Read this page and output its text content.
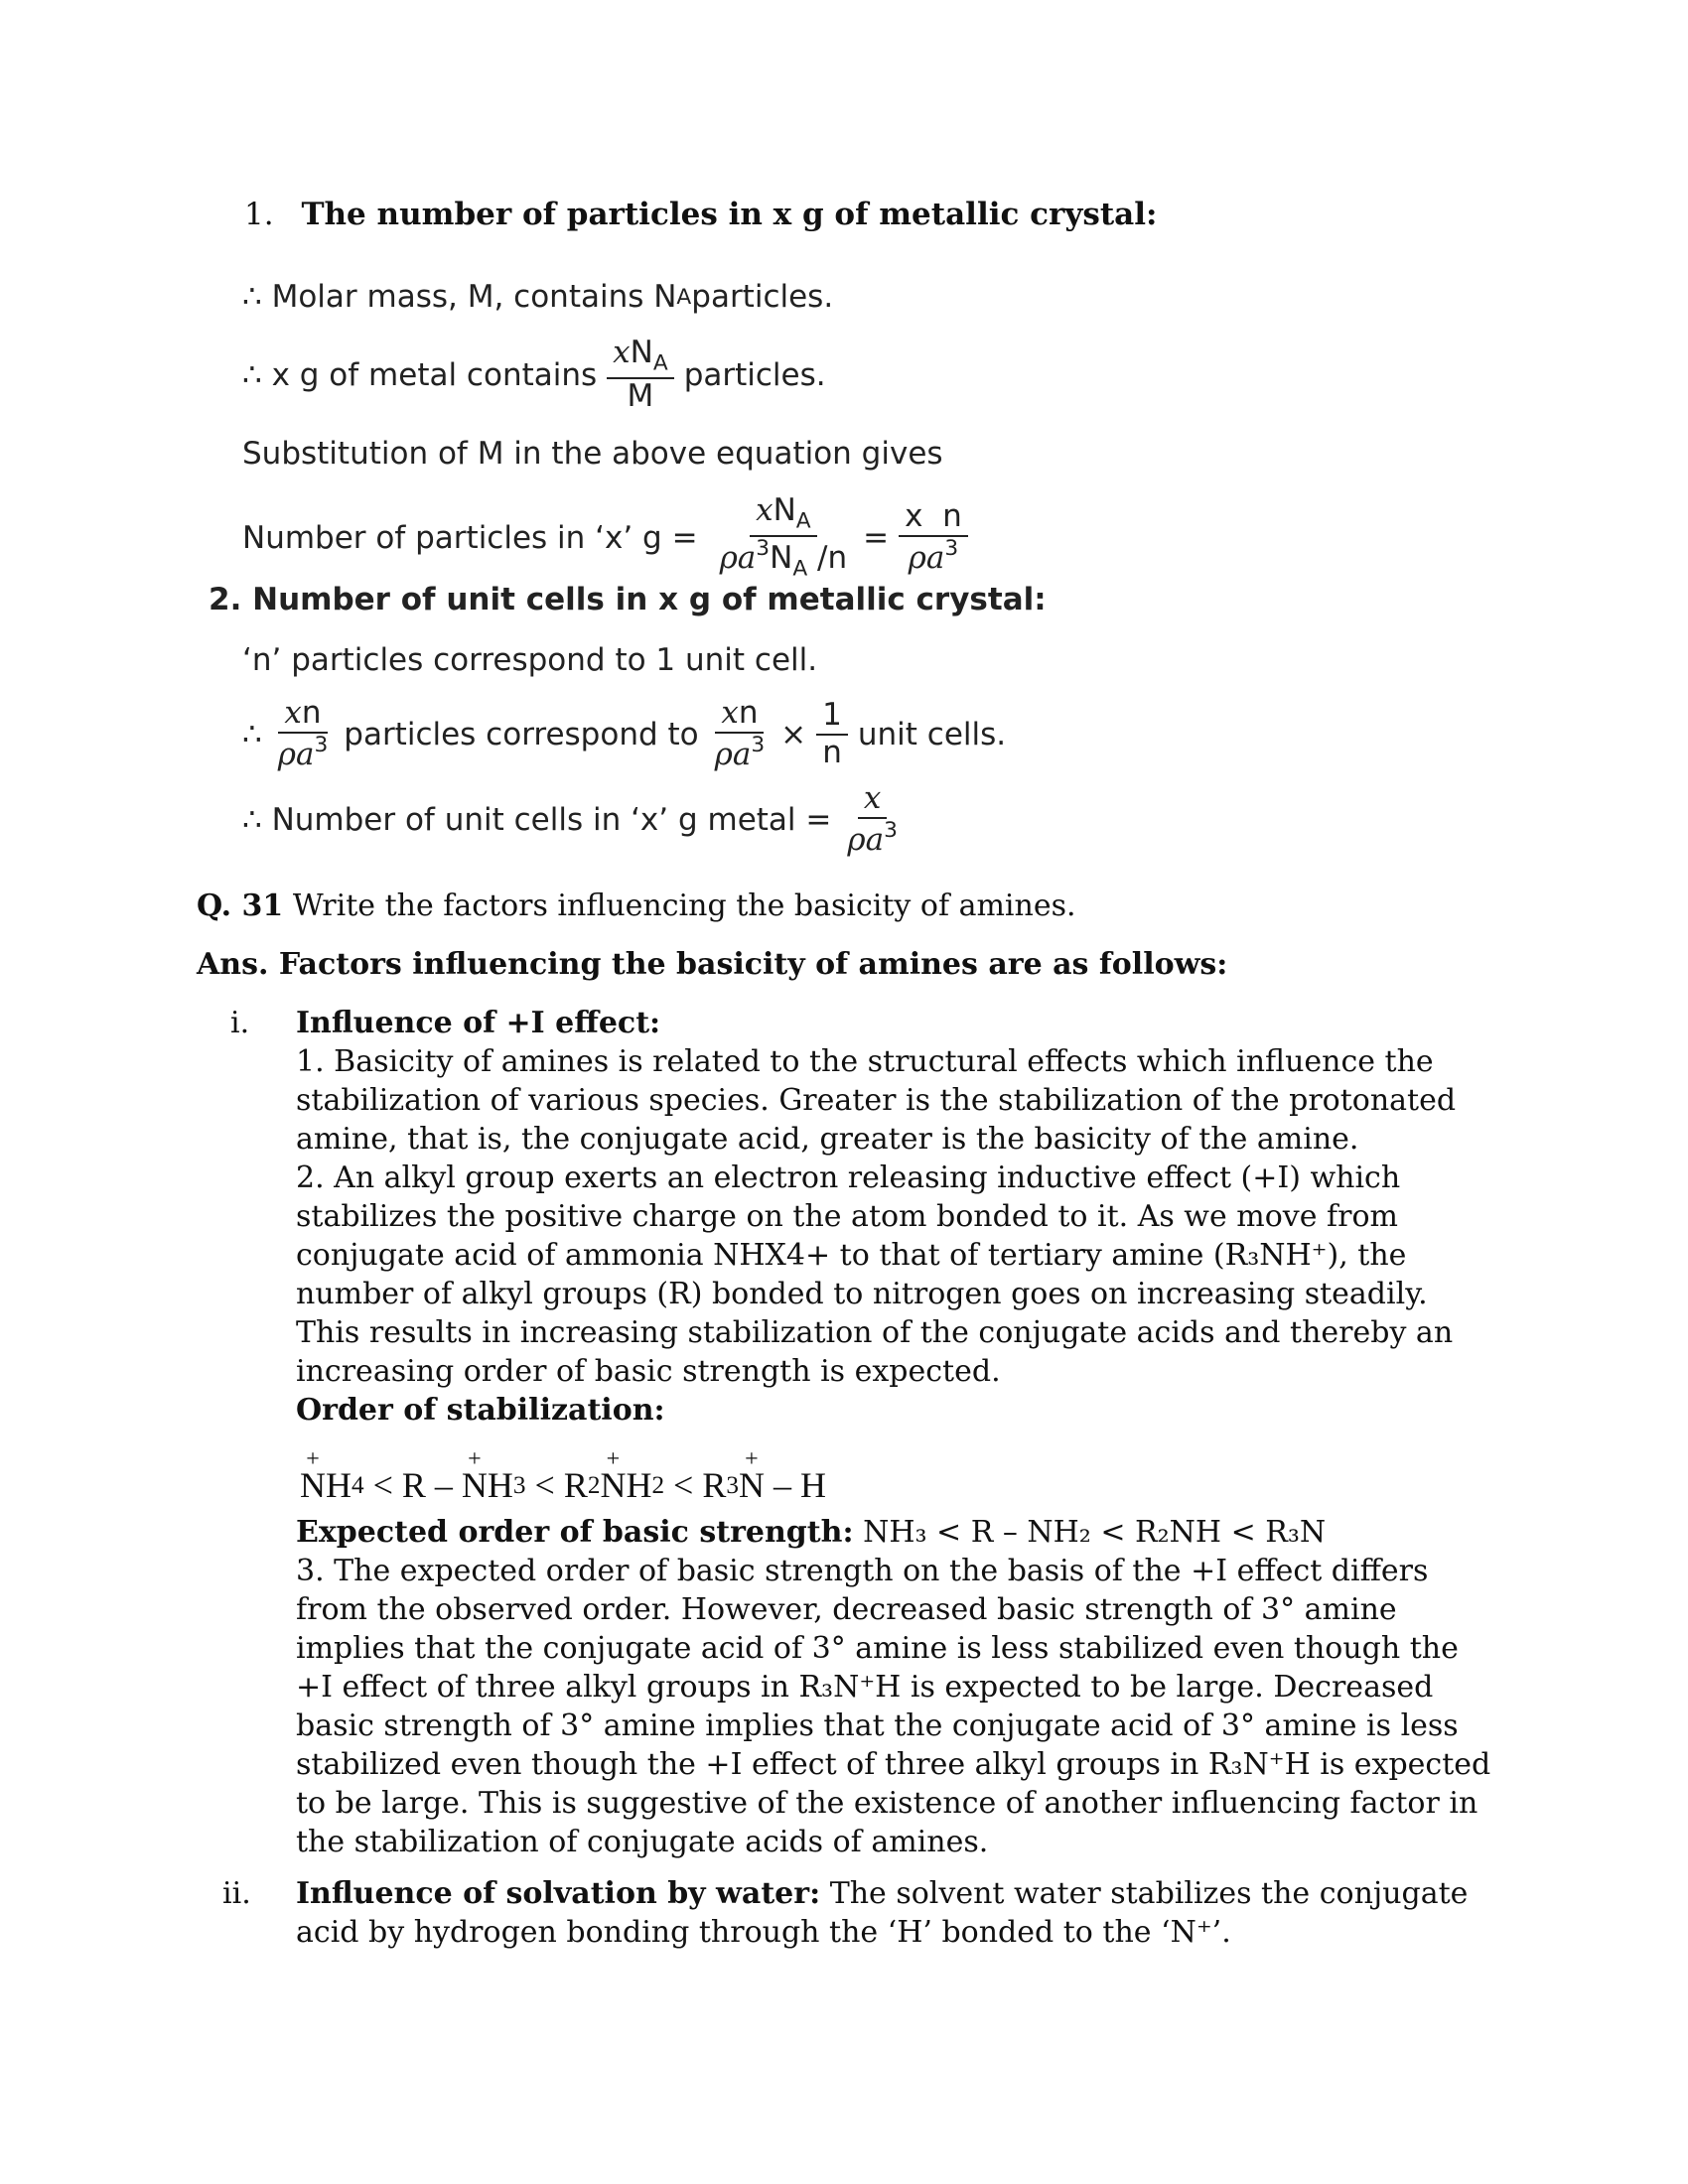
1. The number of particles in x g of metallic crystal:
∴ Molar mass, M, contains N A particles.
∴ x g of metal contains $\frac{xN_A}{M}$ particles.
Substitution of M in the above equation gives
Number of particles in ‘x’ $g = \frac{xN_A}{\rho a^3N_A /n} = \frac{\text{x  n}}{\rho a^3}$
2. Number of unit cells in x g of metallic crystal:
‘n’ particles correspond to 1 unit cell.
∴ $\frac{xn}{\rho a^3}$ particles correspond to $\frac{xn}{\rho a^3} \times \frac{1}{n}$ unit cells.
∴ Number of unit cells in ‘x’ g metal = $\frac{x}{\rho a^3}$
Q. 31 Write the factors influencing the basicity of amines.
Ans. Factors influencing the basicity of amines are as follows:
i. Influence of +I effect:
1. Basicity of amines is related to the structural effects which influence the stabilization of various species. Greater is the stabilization of the protonated amine, that is, the conjugate acid, greater is the basicity of the amine.
2. An alkyl group exerts an electron releasing inductive effect (+I) which stabilizes the positive charge on the atom bonded to it. As we move from conjugate acid of ammonia NHX4+ to that of tertiary amine (R₃NH⁺), the number of alkyl groups (R) bonded to nitrogen goes on increasing steadily. This results in increasing stabilization of the conjugate acids and thereby an increasing order of basic strength is expected.
Order of stabilization:
+
N H 4 < R –
+
N H 3 < R 2
+
N H 2 < R 3
+
N – H
Expected order of basic strength: NH₃ < R – NH₂ < R₂NH < R₃N
3. The expected order of basic strength on the basis of the +I effect differs from the observed order. However, decreased basic strength of 3° amine implies that the conjugate acid of 3° amine is less stabilized even though the +I effect of three alkyl groups in R₃N⁺H is expected to be large. Decreased basic strength of 3° amine implies that the conjugate acid of 3° amine is less stabilized even though the +I effect of three alkyl groups in R₃N⁺H is expected to be large. This is suggestive of the existence of another influencing factor in the stabilization of conjugate acids of amines.
ii. Influence of solvation by water: The solvent water stabilizes the conjugate acid by hydrogen bonding through the ‘H’ bonded to the ‘N⁺’.
